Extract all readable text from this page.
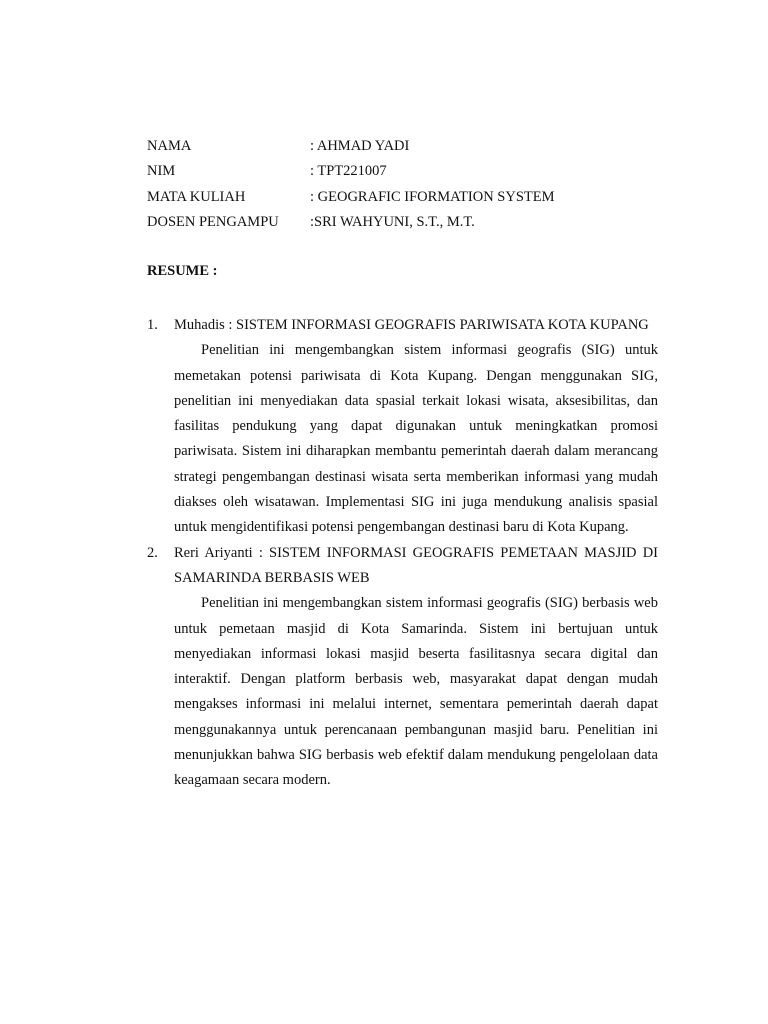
NAMA	: AHMAD YADI
NIM	: TPT221007
MATA KULIAH	: GEOGRAFIC IFORMATION SYSTEM
DOSEN PENGAMPU	:SRI WAHYUNI, S.T., M.T.
RESUME :
1.	Muhadis : SISTEM INFORMASI GEOGRAFIS PARIWISATA KOTA KUPANG

Penelitian ini mengembangkan sistem informasi geografis (SIG) untuk memetakan potensi pariwisata di Kota Kupang. Dengan menggunakan SIG, penelitian ini menyediakan data spasial terkait lokasi wisata, aksesibilitas, dan fasilitas pendukung yang dapat digunakan untuk meningkatkan promosi pariwisata. Sistem ini diharapkan membantu pemerintah daerah dalam merancang strategi pengembangan destinasi wisata serta memberikan informasi yang mudah diakses oleh wisatawan. Implementasi SIG ini juga mendukung analisis spasial untuk mengidentifikasi potensi pengembangan destinasi baru di Kota Kupang.

2.	Reri Ariyanti : SISTEM INFORMASI GEOGRAFIS PEMETAAN MASJID DI SAMARINDA BERBASIS WEB

Penelitian ini mengembangkan sistem informasi geografis (SIG) berbasis web untuk pemetaan masjid di Kota Samarinda. Sistem ini bertujuan untuk menyediakan informasi lokasi masjid beserta fasilitasnya secara digital dan interaktif. Dengan platform berbasis web, masyarakat dapat dengan mudah mengakses informasi ini melalui internet, sementara pemerintah daerah dapat menggunakannya untuk perencanaan pembangunan masjid baru. Penelitian ini menunjukkan bahwa SIG berbasis web efektif dalam mendukung pengelolaan data keagamaan secara modern.
